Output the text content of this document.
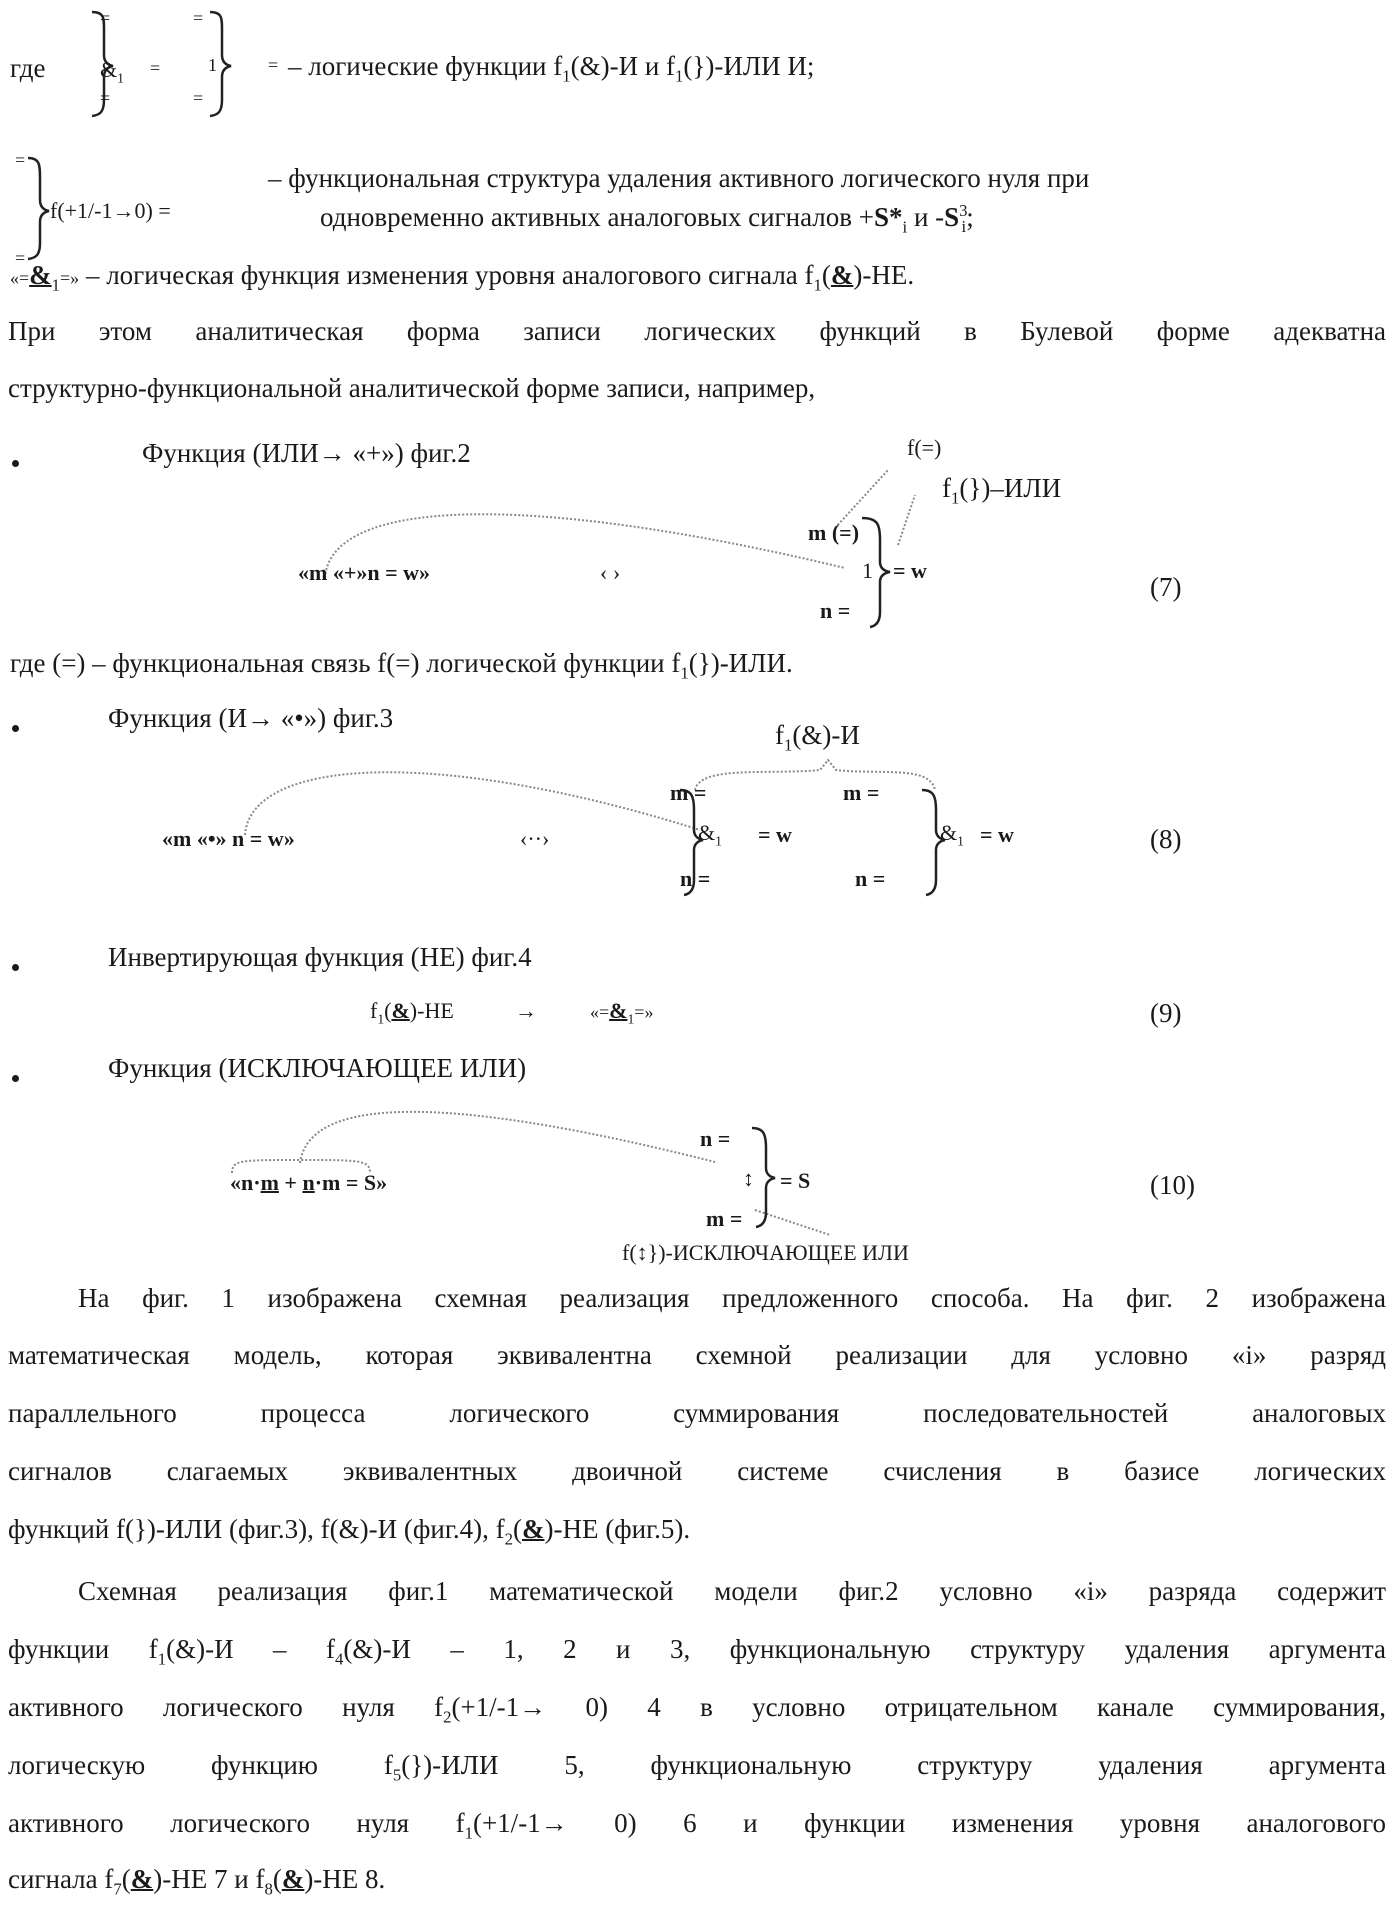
где
=
&1
=
=
=
1
=
= – логические функции f1(&)-И и f1(})-ИЛИ И;
=
=
f(+1/-1→0) =
– функциональная структура удаления активного логического нуля при
одновременно активных аналоговых сигналов +S*i и -S3i;
«=&1=» – логическая функция изменения уровня аналогового сигнала f1(&)-НЕ.
При этом аналитическая форма записи логических функций в Булевой форме адекватна
структурно-функциональной аналитической форме записи, например,
Функция (ИЛИ→ «+») фиг.2	f(=)
f1(})–ИЛИ
m (=)
«m «+»n = w»	‹ ›	1 = w
n =
(7)
где (=) – функциональная связь f(=) логической функции f1(})-ИЛИ.
Функция (И→ «•») фиг.3
f1(&)-И
m =	m =
«m «•» n = w»	‹··›	&1 = w	&1 = w
n =	n =
(8)
Инвертирующая функция (НЕ) фиг.4
f1(&)-НЕ	→	«=&1=»	(9)
Функция (ИСКЛЮЧАЮЩЕЕ ИЛИ)
n =
«n·m + n·m = S»	↕ = S
m =
f(↕})-ИСКЛЮЧАЮЩЕЕ ИЛИ
(10)
На фиг. 1 изображена схемная реализация предложенного способа. На фиг. 2 изображена
математическая модель, которая эквивалентна схемной реализации для условно «i» разряд
параллельного процесса логического суммирования последовательностей аналоговых
сигналов слагаемых эквивалентных двоичной системе счисления в базисе логических
функций f(})-ИЛИ (фиг.3), f(&)-И (фиг.4), f2(&)-НЕ (фиг.5).
Схемная реализация фиг.1 математической модели фиг.2 условно «i» разряда содержит
функции f1(&)-И – f4(&)-И – 1, 2 и 3, функциональную структуру удаления аргумента
активного логического нуля f2(+1/-1→ 0) 4 в условно отрицательном канале суммирования,
логическую функцию f5(})-ИЛИ 5, функциональную структуру удаления аргумента
активного логического нуля f1(+1/-1→ 0) 6 и функции изменения уровня аналогового
сигнала f7(&)-НЕ 7 и f8(&)-НЕ 8.
